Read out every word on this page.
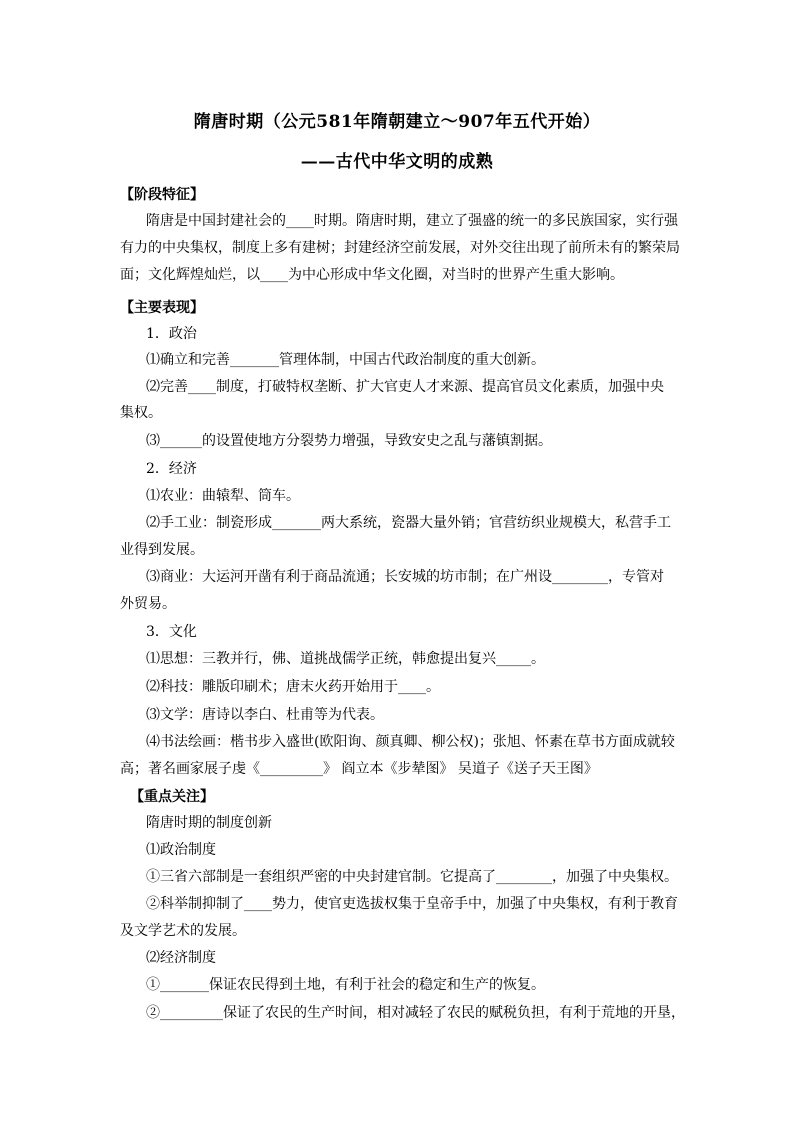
隋唐时期（公元581年隋朝建立～907年五代开始）
——古代中华文明的成熟
【阶段特征】
隋唐是中国封建社会的____时期。隋唐时期，建立了强盛的统一的多民族国家，实行强
有力的中央集权，制度上多有建树；封建经济空前发展，对外交往出现了前所未有的繁荣局
面；文化辉煌灿烂，以____为中心形成中华文化圈，对当时的世界产生重大影响。
【主要表现】
1．政治
⑴确立和完善_______管理体制，中国古代政治制度的重大创新。
⑵完善____制度，打破特权垄断、扩大官吏人才来源、提高官员文化素质，加强中央
集权。
⑶______的设置使地方分裂势力增强，导致安史之乱与藩镇割据。
2．经济
⑴农业：曲辕犁、筒车。
⑵手工业：制瓷形成_______两大系统，瓷器大量外销；官营纺织业规模大，私营手工
业得到发展。
⑶商业：大运河开凿有利于商品流通；长安城的坊市制；在广州设________，专管对
外贸易。
3．文化
⑴思想：三教并行，佛、道挑战儒学正统，韩愈提出复兴_____。
⑵科技：雕版印刷术；唐末火药开始用于____。
⑶文学：唐诗以李白、杜甫等为代表。
⑷书法绘画：楷书步入盛世(欧阳询、颜真卿、柳公权)；张旭、怀素在草书方面成就较
高；著名画家展子虔《_________》 阎立本《步辇图》 吴道子《送子天王图》
【重点关注】
隋唐时期的制度创新
⑴政治制度
①三省六部制是一套组织严密的中央封建官制。它提高了________，加强了中央集权。
②科举制抑制了____势力，使官吏选拔权集于皇帝手中，加强了中央集权，有利于教育
及文学艺术的发展。
⑵经济制度
①_______保证农民得到土地，有利于社会的稳定和生产的恢复。
②_________保证了农民的生产时间，相对减轻了农民的赋税负担，有利于荒地的开垦，
